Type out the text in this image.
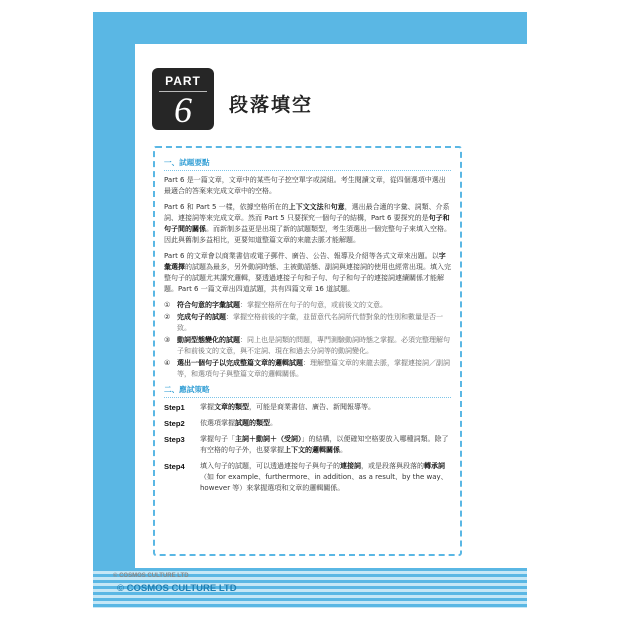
PART
6	段落填空
一、試題要點

Part 6 是一篇文章，文章中的某些句子挖空單字或詞組。考生閱讀文章，從四個選項中選出最適合的答案來完成文章中的空格。

Part 6 和 Part 5 一樣，依據空格所在的上下文文法和句意，選出最合適的字彙、詞類、介系詞、連接詞等來完成文章。然而 Part 5 只要探究一個句子的結構，Part 6 要探究的是句子和句子間的關係。而新制多益更是出現了新的試題類型，考生須選出一個完整句子來填入空格。因此與舊制多益相比，更要知道整篇文章的來龍去脈才能解題。

Part 6 的文章會以商業書信或電子郵件、廣告、公告、報導及介紹等各式文章來出題。以字彙選擇的試題為最多，另外動詞時態、主被動語態、副詞與連接詞的使用也經常出現。填入完整句子的試題尤其講究邏輯，要透過連接子句和子句、句子和句子的連接詞連續關係才能解題。Part 6 一篇文章出四道試題，共有四篇文章 16 道試題。

① 符合句意的字彙試題：掌握空格所在句子的句意，或前後文的文意。
② 完成句子的試題：掌握空格前後的字彙，並留意代名詞所代替對象的性別和數量是否一致。
③ 動詞型態變化的試題：同上也是詞類的問題，專門測驗動詞時態之掌握。必須完整理解句子和前後文的文意，與不定詞、現在和過去分詞等的動詞變化。
④ 選出一個句子以完成整篇文章的邏輯試題：理解整篇文章的來龍去脈，掌握連接詞／副詞等，和選項句子與整篇文章的邏輯關係。
二、應試策略
Step1	掌握文章的類型，可能是商業書信、廣告、新聞報導等。
Step2	依選項掌握試題的類型。
Step3	掌握句子「主詞＋動詞＋（受詞）」的結構，以便確知空格要放入哪種詞類。除了有空格的句子外，也要掌握上下文的邏輯關係。
Step4	填入句子的試題，可以透過連接句子與句子的連接詞，或是段落與段落的轉承詞（如 for example、furthermore、in addition、as a result、by the way、however 等）來掌握選項和文章的邏輯關係。
© COSMOS CULTURE LTD
© COSMOS CULTURE LTD
